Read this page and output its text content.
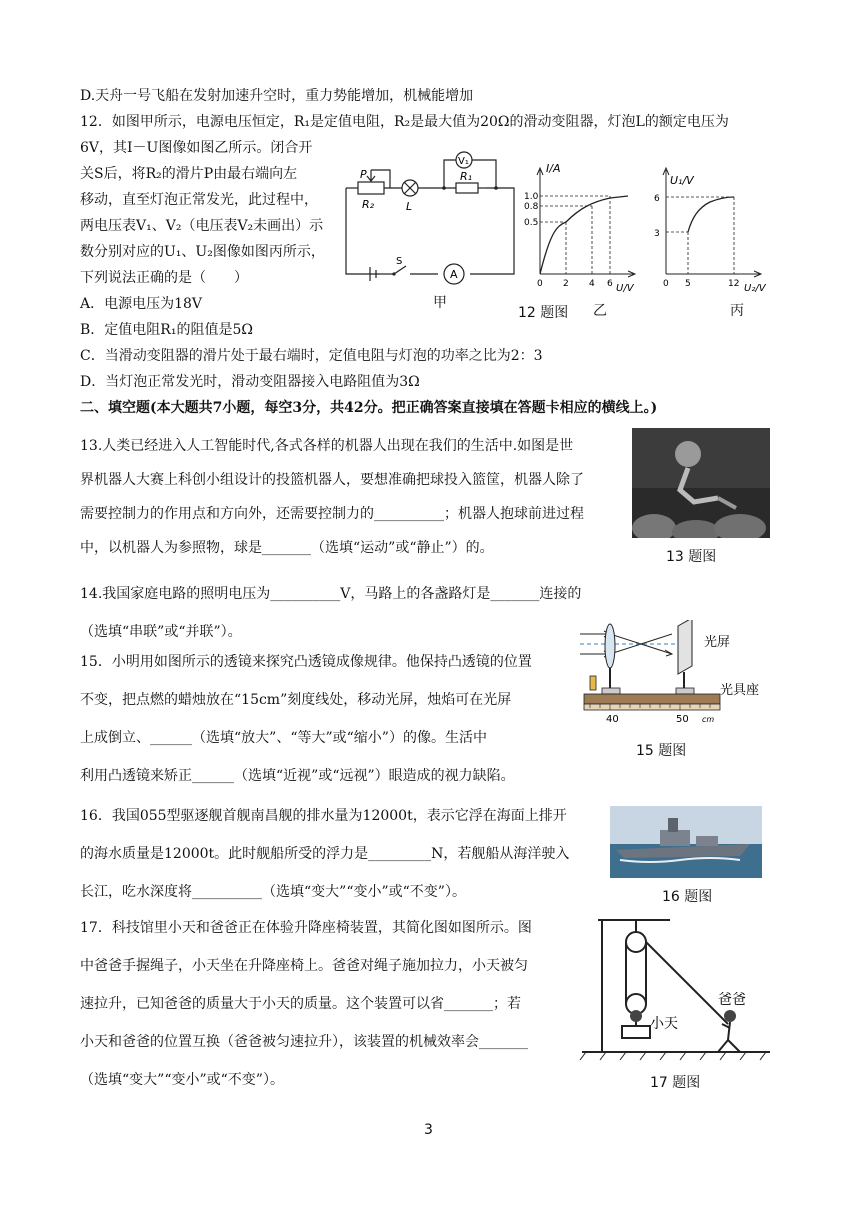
D.天舟一号飞船在发射加速升空时，重力势能增加，机械能增加
12．如图甲所示，电源电压恒定，R₁是定值电阻，R₂是最大值为20Ω的滑动变阻器，灯泡L的额定电压为
6V，其I－U图像如图乙所示。闭合开
关S后，将R₂的滑片P由最右端向左
移动，直至灯泡正常发光，此过程中，
两电压表V₁、V₂（电压表V₂未画出）示
数分别对应的U₁、U₂图像如图丙所示，
下列说法正确的是（　　）
A．电源电压为18V
B．定值电阻R₁的阻值是5Ω
C．当滑动变阻器的滑片处于最右端时，定值电阻与灯泡的功率之比为2：3
D．当灯泡正常发光时，滑动变阻器接入电路阻值为3Ω
V₁
P
R₂	L
R₁
S
A
甲
I/A
1.0
0.8
0.5
0 2 4 6 U/V
乙
U₁/V
6
3
0 5	12 U₂/V
丙
12 题图
二、填空题(本大题共7小题，每空3分，共42分。把正确答案直接填在答题卡相应的横线上。)
13.人类已经进入人工智能时代,各式各样的机器人出现在我们的生活中.如图是世
界机器人大赛上科创小组设计的投篮机器人，要想准确把球投入篮筐，机器人除了
需要控制力的作用点和方向外，还需要控制力的__________；机器人抱球前进过程
中，以机器人为参照物，球是_______（选填“运动”或“静止”）的。
13 题图
14.我国家庭电路的照明电压为__________V，马路上的各盏路灯是_______连接的
（选填“串联”或“并联”）。
15．小明用如图所示的透镜来探究凸透镜成像规律。他保持凸透镜的位置
不变，把点燃的蜡烛放在“15cm”刻度线处，移动光屏，烛焰可在光屏
上成倒立、______（选填“放大”、“等大”或“缩小”）的像。生活中
利用凸透镜来矫正______（选填“近视”或“远视”）眼造成的视力缺陷。
光屏
光具座
40	50 cm
15 题图
16．我国055型驱逐舰首舰南昌舰的排水量为12000t，表示它浮在海面上排开
的海水质量是12000t。此时舰船所受的浮力是_________N，若舰船从海洋驶入
长江，吃水深度将__________（选填“变大”“变小”或“不变”）。	16 题图
17．科技馆里小天和爸爸正在体验升降座椅装置，其简化图如图所示。图
中爸爸手握绳子，小天坐在升降座椅上。爸爸对绳子施加拉力，小天被匀
速拉升，已知爸爸的质量大于小天的质量。这个装置可以省_______；若
小天和爸爸的位置互换（爸爸被匀速拉升），该装置的机械效率会_______
（选填“变大”“变小”或“不变”）。
小天
爸爸
17 题图
3
